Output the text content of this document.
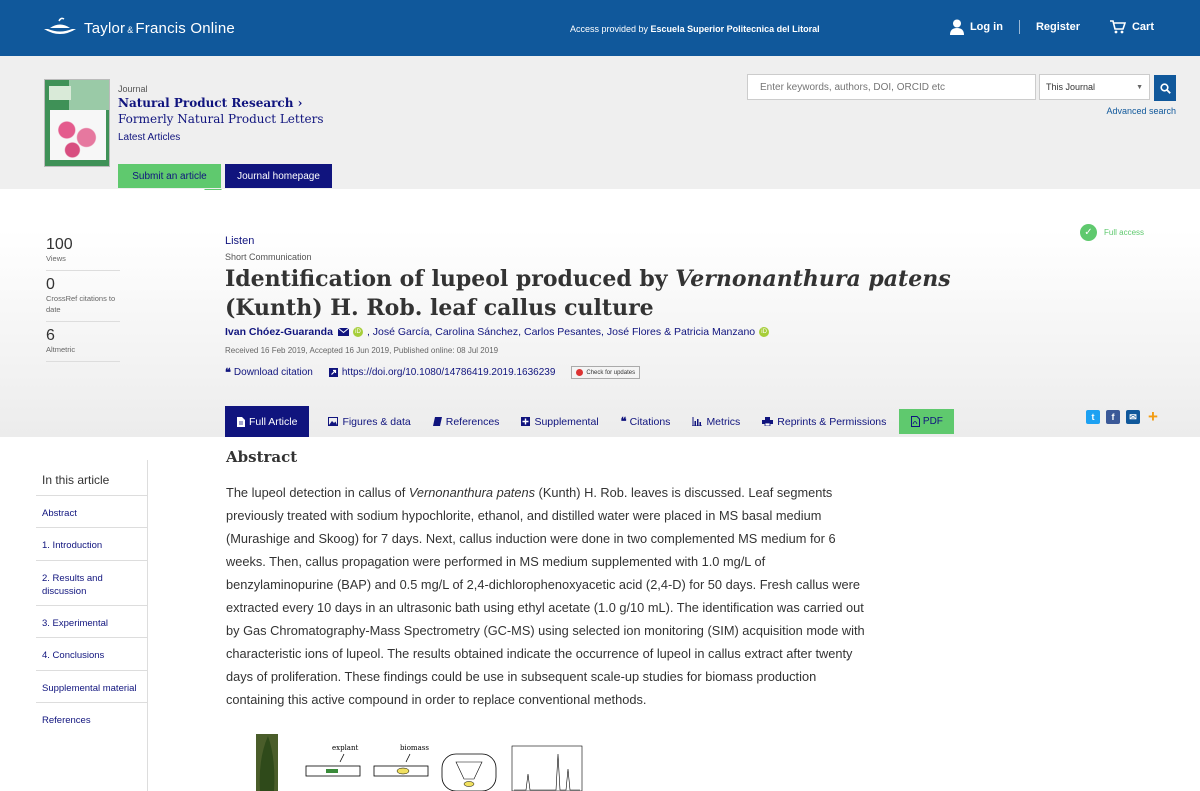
Taylor & Francis Online	Access provided by Escuela Superior Politecnica del Litoral	Log in	Register	Cart
Journal
Natural Product Research ›
Formerly Natural Product Letters
Latest Articles
Submit an article	Journal homepage
Enter keywords, authors, DOI, ORCID etc
This Journal	▼
Advanced search
100
Views
0
CrossRef citations to date
6
Altmetric
Listen
Short Communication
Identification of lupeol produced by Vernonanthura patens (Kunth) H. Rob. leaf callus culture
Ivan Chóez-Guaranda	iD , José García , Carolina Sánchez , Carlos Pesantes , José Flores
&
Patricia Manzano	iD
Received 16 Feb 2019, Accepted 16 Jun 2019, Published online: 08 Jul 2019
❝ Download citation	https://doi.org/10.1080/14786419.2019.1636239	Check for updates
✓	Full access
Full Article	Figures & data	References	Supplemental ❝ Citations	Metrics	Reprints & Permissions	PDF	t	f	✉ +
In this article
Abstract
1. Introduction
2. Results and discussion
3. Experimental
4. Conclusions
Supplemental material
References
Abstract

The lupeol detection in callus of Vernonanthura patens (Kunth) H. Rob. leaves is discussed. Leaf segments previously treated with sodium hypochlorite, ethanol, and distilled water were placed in MS basal medium (Murashige and Skoog) for 7 days. Next, callus induction were done in two complemented MS medium for 6 weeks. Then, callus propagation were performed in MS medium supplemented with 1.0 mg/L of benzylaminopurine (BAP) and 0.5 mg/L of 2,4-dichlorophenoxyacetic acid (2,4-D) for 50 days. Fresh callus were extracted every 10 days in an ultrasonic bath using ethyl acetate (1.0 g/10 mL). The identification was carried out by Gas Chromatography-Mass Spectrometry (GC-MS) using selected ion monitoring (SIM) acquisition mode with characteristic ions of lupeol. The results obtained indicate the occurrence of lupeol in callus extract after twenty days of proliferation. These findings could be use in subsequent scale-up studies for biomass production containing this active compound in order to replace conventional methods.

explant	biomass
